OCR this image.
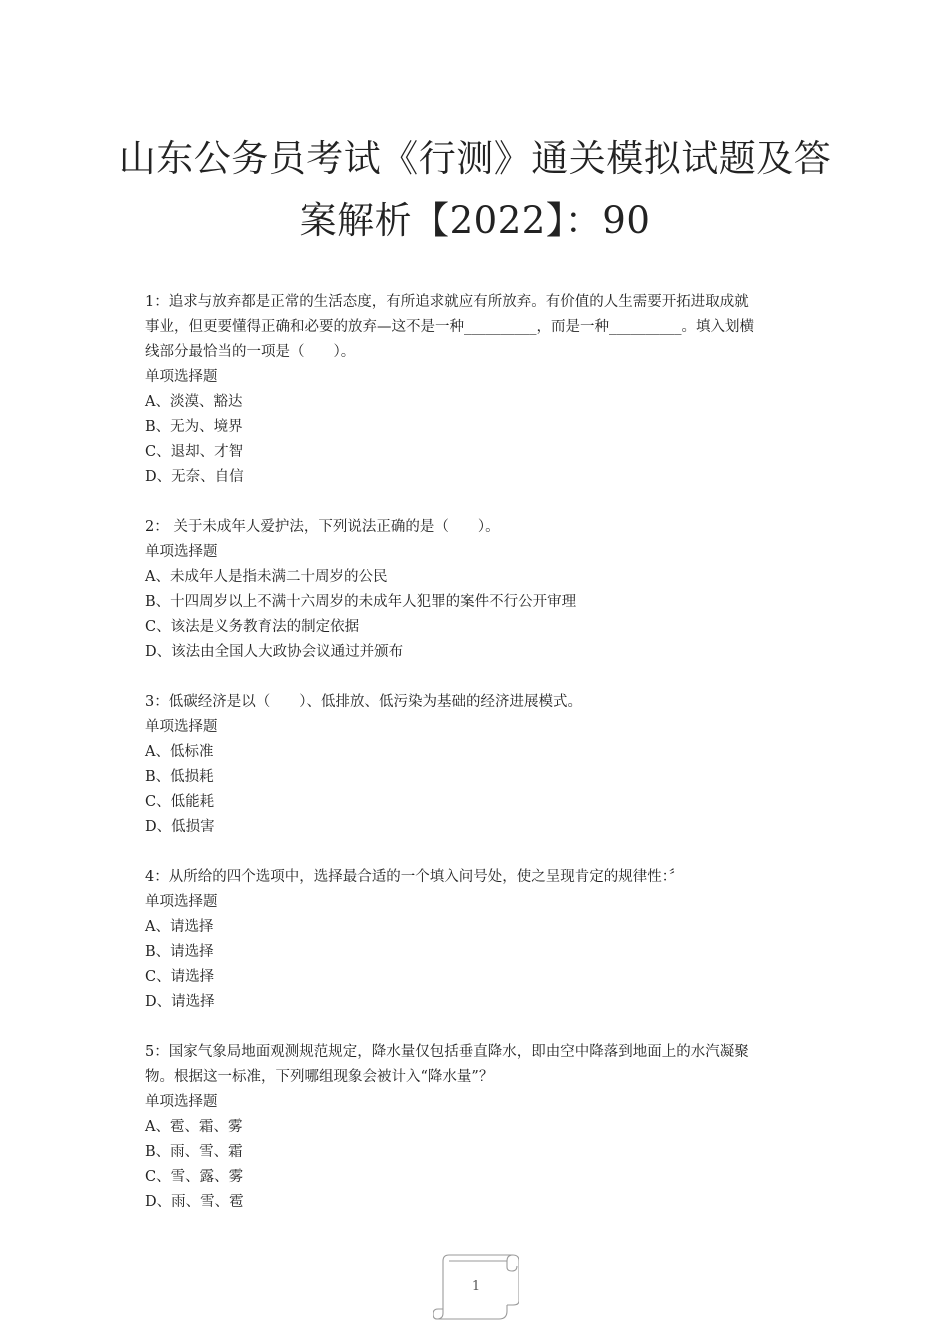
山东公务员考试《行测》通关模拟试题及答
案解析【2022】：90
1：追求与放弃都是正常的生活态度，有所追求就应有所放弃。有价值的人生需要开拓进取成就
事业，但更要懂得正确和必要的放弃—这不是一种__________，而是一种__________。填入划横
线部分最恰当的一项是（　　）。
单项选择题
A、淡漠、豁达
B、无为、境界
C、退却、才智
D、无奈、自信
2： 关于未成年人爱护法，下列说法正确的是（　　）。
单项选择题
A、未成年人是指未满二十周岁的公民
B、十四周岁以上不满十六周岁的未成年人犯罪的案件不行公开审理
C、该法是义务教育法的制定依据
D、该法由全国人大政协会议通过并颁布
3：低碳经济是以（　　）、低排放、低污染为基础的经济进展模式。
单项选择题
A、低标准
B、低损耗
C、低能耗
D、低损害
4：从所给的四个选项中，选择最合适的一个填入问号处，使之呈现肯定的规律性：〞
单项选择题
A、请选择
B、请选择
C、请选择
D、请选择
5：国家气象局地面观测规范规定，降水量仅包括垂直降水，即由空中降落到地面上的水汽凝聚
物。根据这一标准，下列哪组现象会被计入“降水量”？
单项选择题
A、雹、霜、雾
B、雨、雪、霜
C、雪、露、雾
D、雨、雪、雹
1
